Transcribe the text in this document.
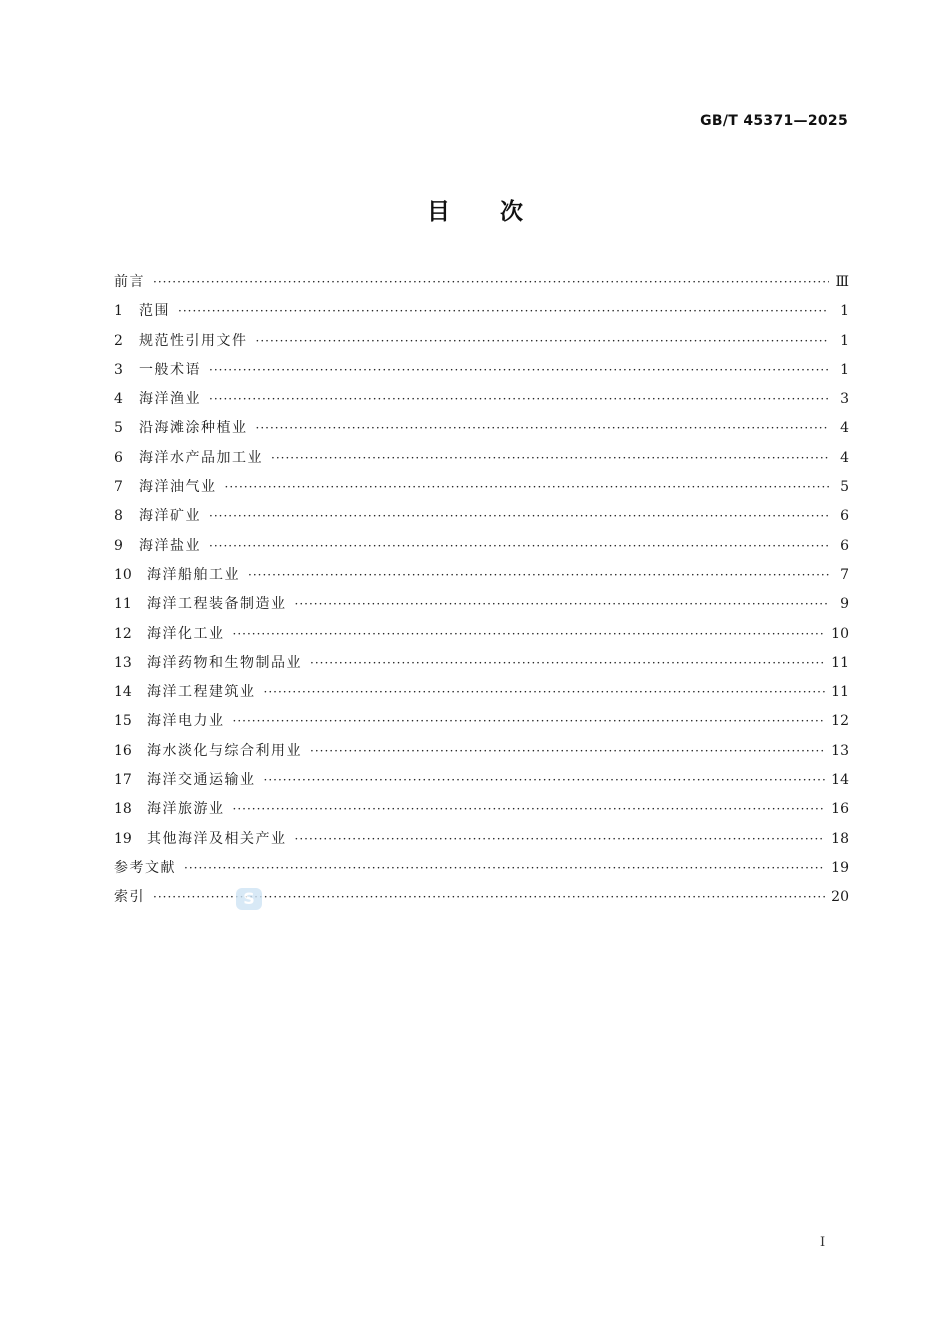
GB/T 45371—2025
目 次
前言 ·····	Ⅲ
1	范围 ·····	1
2	规范性引用文件 ·····	1
3	一般术语 ·····	1
4	海洋渔业 ·····	3
5	沿海滩涂种植业 ·····	4
6	海洋水产品加工业 ·····	4
7	海洋油气业 ·····	5
8	海洋矿业 ·····	6
9	海洋盐业 ·····	6
10	海洋船舶工业 ·····	7
11	海洋工程装备制造业 ·····	9
12	海洋化工业 ·····	10
13	海洋药物和生物制品业 ·····	11
14	海洋工程建筑业 ·····	11
15	海洋电力业 ·····	12
16	海水淡化与综合利用业 ·····	13
17	海洋交通运输业 ·····	14
18	海洋旅游业 ·····	16
19	其他海洋及相关产业 ·····	18
参考文献 ·····	19
索引 ·····	20
S
I
